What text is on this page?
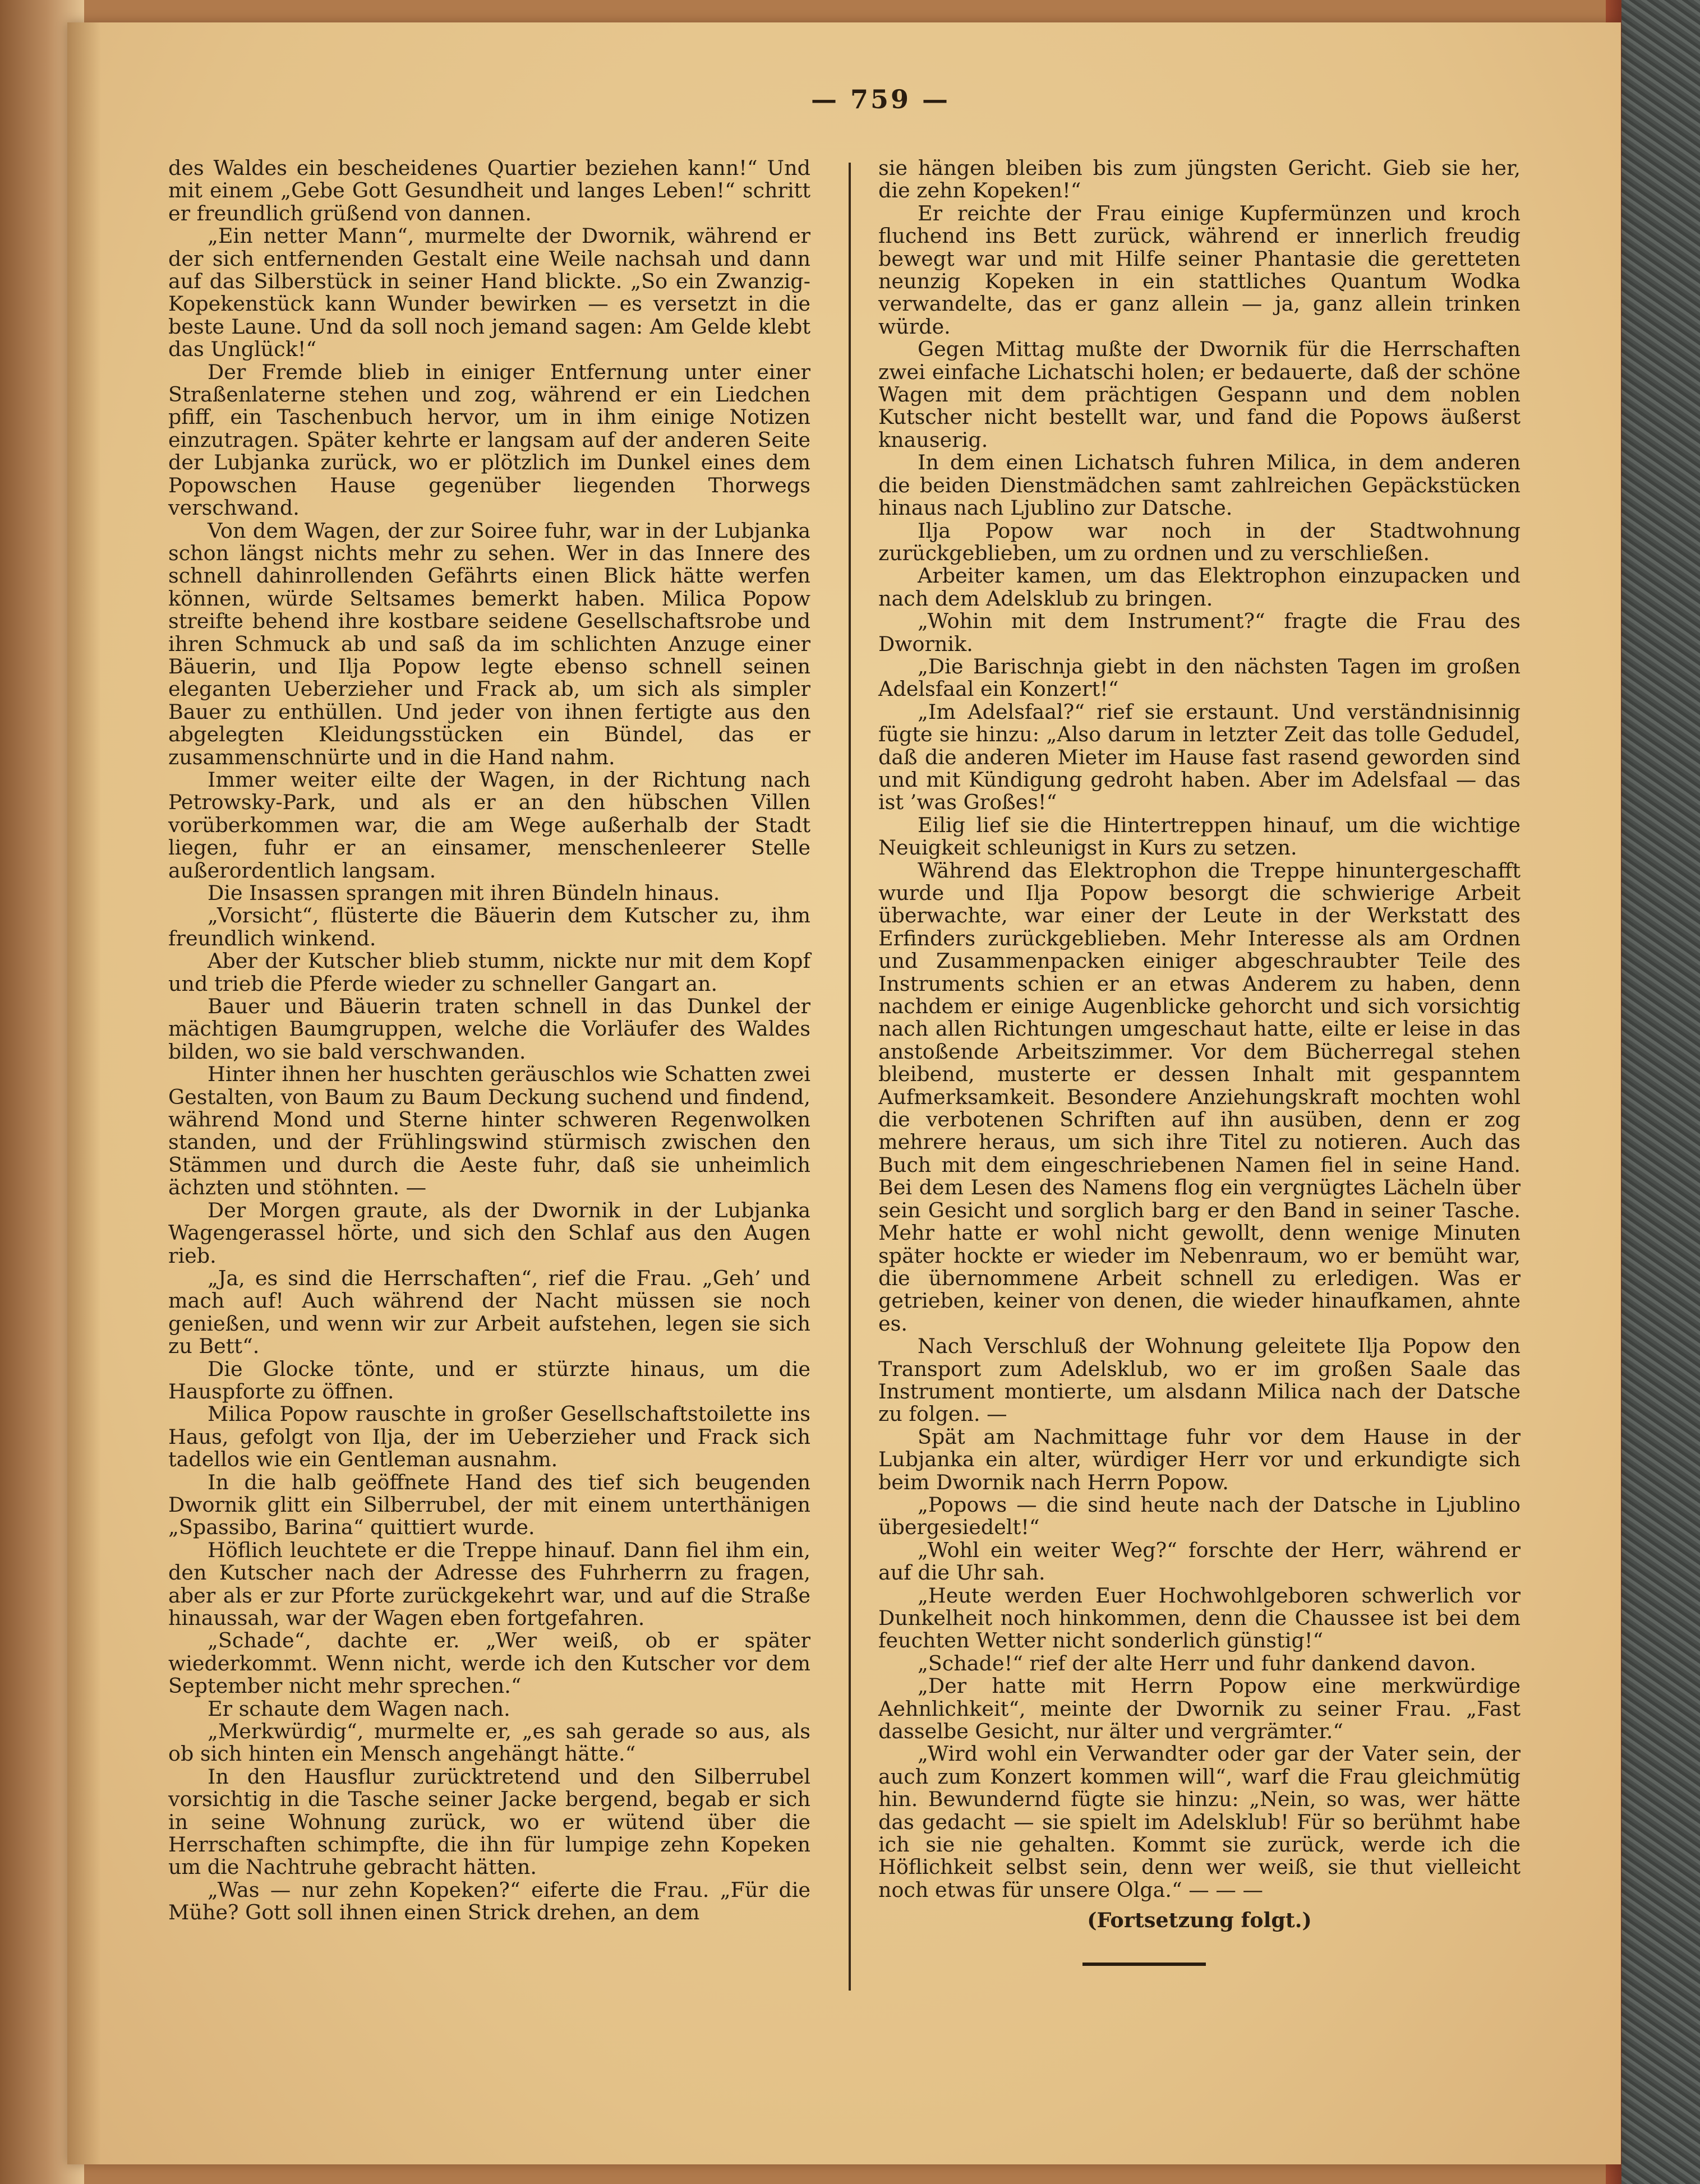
— 759 —

des Waldes ein bescheidenes Quartier beziehen kann!“ Und mit einem „Gebe Gott Gesundheit und langes Leben!“ schritt er freundlich grüßend von dannen.

„Ein netter Mann“, murmelte der Dwornik, während er der sich entfernenden Gestalt eine Weile nachsah und dann auf das Silberstück in seiner Hand blickte. „So ein Zwanzig-Kopekenstück kann Wunder bewirken — es versetzt in die beste Laune. Und da soll noch jemand sagen: Am Gelde klebt das Unglück!“

Der Fremde blieb in einiger Entfernung unter einer Straßenlaterne stehen und zog, während er ein Liedchen pfiff, ein Taschenbuch hervor, um in ihm einige Notizen einzutragen. Später kehrte er langsam auf der anderen Seite der Lubjanka zurück, wo er plötzlich im Dunkel eines dem Popowschen Hause gegenüber liegenden Thorwegs verschwand.

Von dem Wagen, der zur Soiree fuhr, war in der Lubjanka schon längst nichts mehr zu sehen. Wer in das Innere des schnell dahinrollenden Gefährts einen Blick hätte werfen können, würde Seltsames bemerkt haben. Milica Popow streifte behend ihre kostbare seidene Gesellschaftsrobe und ihren Schmuck ab und saß da im schlichten Anzuge einer Bäuerin, und Ilja Popow legte ebenso schnell seinen eleganten Ueberzieher und Frack ab, um sich als simpler Bauer zu enthüllen. Und jeder von ihnen fertigte aus den abgelegten Kleidungsstücken ein Bündel, das er zusammenschnürte und in die Hand nahm.

Immer weiter eilte der Wagen, in der Richtung nach Petrowsky-Park, und als er an den hübschen Villen vorüberkommen war, die am Wege außerhalb der Stadt liegen, fuhr er an einsamer, menschenleerer Stelle außerordentlich langsam.

Die Insassen sprangen mit ihren Bündeln hinaus.

„Vorsicht“, flüsterte die Bäuerin dem Kutscher zu, ihm freundlich winkend.

Aber der Kutscher blieb stumm, nickte nur mit dem Kopf und trieb die Pferde wieder zu schneller Gangart an.

Bauer und Bäuerin traten schnell in das Dunkel der mächtigen Baumgruppen, welche die Vorläufer des Waldes bilden, wo sie bald verschwanden.

Hinter ihnen her huschten geräuschlos wie Schatten zwei Gestalten, von Baum zu Baum Deckung suchend und findend, während Mond und Sterne hinter schweren Regenwolken standen, und der Frühlingswind stürmisch zwischen den Stämmen und durch die Aeste fuhr, daß sie unheimlich ächzten und stöhnten. —

Der Morgen graute, als der Dwornik in der Lubjanka Wagengerassel hörte, und sich den Schlaf aus den Augen rieb.

„Ja, es sind die Herrschaften“, rief die Frau. „Geh’ und mach auf! Auch während der Nacht müssen sie noch genießen, und wenn wir zur Arbeit aufstehen, legen sie sich zu Bett“.

Die Glocke tönte, und er stürzte hinaus, um die Hauspforte zu öffnen.

Milica Popow rauschte in großer Gesellschaftstoilette ins Haus, gefolgt von Ilja, der im Ueberzieher und Frack sich tadellos wie ein Gentleman ausnahm.

In die halb geöffnete Hand des tief sich beugenden Dwornik glitt ein Silberrubel, der mit einem unterthänigen „Spassibo, Barina“ quittiert wurde.

Höflich leuchtete er die Treppe hinauf. Dann fiel ihm ein, den Kutscher nach der Adresse des Fuhrherrn zu fragen, aber als er zur Pforte zurückgekehrt war, und auf die Straße hinaussah, war der Wagen eben fortgefahren.

„Schade“, dachte er. „Wer weiß, ob er später wiederkommt. Wenn nicht, werde ich den Kutscher vor dem September nicht mehr sprechen.“

Er schaute dem Wagen nach.

„Merkwürdig“, murmelte er, „es sah gerade so aus, als ob sich hinten ein Mensch angehängt hätte.“

In den Hausflur zurücktretend und den Silberrubel vorsichtig in die Tasche seiner Jacke bergend, begab er sich in seine Wohnung zurück, wo er wütend über die Herrschaften schimpfte, die ihn für lumpige zehn Kopeken um die Nachtruhe gebracht hätten.

„Was — nur zehn Kopeken?“ eiferte die Frau. „Für die Mühe? Gott soll ihnen einen Strick drehen, an dem

sie hängen bleiben bis zum jüngsten Gericht. Gieb sie her, die zehn Kopeken!“

Er reichte der Frau einige Kupfermünzen und kroch fluchend ins Bett zurück, während er innerlich freudig bewegt war und mit Hilfe seiner Phantasie die geretteten neunzig Kopeken in ein stattliches Quantum Wodka verwandelte, das er ganz allein — ja, ganz allein trinken würde.

Gegen Mittag mußte der Dwornik für die Herrschaften zwei einfache Lichatschi holen; er bedauerte, daß der schöne Wagen mit dem prächtigen Gespann und dem noblen Kutscher nicht bestellt war, und fand die Popows äußerst knauserig.

In dem einen Lichatsch fuhren Milica, in dem anderen die beiden Dienstmädchen samt zahlreichen Gepäckstücken hinaus nach Ljublino zur Datsche.

Ilja Popow war noch in der Stadtwohnung zurückgeblieben, um zu ordnen und zu verschließen.

Arbeiter kamen, um das Elektrophon einzupacken und nach dem Adelsklub zu bringen.

„Wohin mit dem Instrument?“ fragte die Frau des Dwornik.

„Die Barischnja giebt in den nächsten Tagen im großen Adelsfaal ein Konzert!“

„Im Adelsfaal?“ rief sie erstaunt. Und verständnisinnig fügte sie hinzu: „Also darum in letzter Zeit das tolle Gedudel, daß die anderen Mieter im Hause fast rasend geworden sind und mit Kündigung gedroht haben. Aber im Adelsfaal — das ist ’was Großes!“

Eilig lief sie die Hintertreppen hinauf, um die wichtige Neuigkeit schleunigst in Kurs zu setzen.

Während das Elektrophon die Treppe hinuntergeschafft wurde und Ilja Popow besorgt die schwierige Arbeit überwachte, war einer der Leute in der Werkstatt des Erfinders zurückgeblieben. Mehr Interesse als am Ordnen und Zusammenpacken einiger abgeschraubter Teile des Instruments schien er an etwas Anderem zu haben, denn nachdem er einige Augenblicke gehorcht und sich vorsichtig nach allen Richtungen umgeschaut hatte, eilte er leise in das anstoßende Arbeitszimmer. Vor dem Bücherregal stehen bleibend, musterte er dessen Inhalt mit gespanntem Aufmerksamkeit. Besondere Anziehungskraft mochten wohl die verbotenen Schriften auf ihn ausüben, denn er zog mehrere heraus, um sich ihre Titel zu notieren. Auch das Buch mit dem eingeschriebenen Namen fiel in seine Hand. Bei dem Lesen des Namens flog ein vergnügtes Lächeln über sein Gesicht und sorglich barg er den Band in seiner Tasche. Mehr hatte er wohl nicht gewollt, denn wenige Minuten später hockte er wieder im Nebenraum, wo er bemüht war, die übernommene Arbeit schnell zu erledigen. Was er getrieben, keiner von denen, die wieder hinaufkamen, ahnte es.

Nach Verschluß der Wohnung geleitete Ilja Popow den Transport zum Adelsklub, wo er im großen Saale das Instrument montierte, um alsdann Milica nach der Datsche zu folgen. —

Spät am Nachmittage fuhr vor dem Hause in der Lubjanka ein alter, würdiger Herr vor und erkundigte sich beim Dwornik nach Herrn Popow.

„Popows — die sind heute nach der Datsche in Ljublino übergesiedelt!“

„Wohl ein weiter Weg?“ forschte der Herr, während er auf die Uhr sah.

„Heute werden Euer Hochwohlgeboren schwerlich vor Dunkelheit noch hinkommen, denn die Chaussee ist bei dem feuchten Wetter nicht sonderlich günstig!“

„Schade!“ rief der alte Herr und fuhr dankend davon.

„Der hatte mit Herrn Popow eine merkwürdige Aehnlichkeit“, meinte der Dwornik zu seiner Frau. „Fast dasselbe Gesicht, nur älter und vergrämter.“

„Wird wohl ein Verwandter oder gar der Vater sein, der auch zum Konzert kommen will“, warf die Frau gleichmütig hin. Bewundernd fügte sie hinzu: „Nein, so was, wer hätte das gedacht — sie spielt im Adelsklub! Für so berühmt habe ich sie nie gehalten. Kommt sie zurück, werde ich die Höflichkeit selbst sein, denn wer weiß, sie thut vielleicht noch etwas für unsere Olga.“ — — —

(Fortsetzung folgt.)
